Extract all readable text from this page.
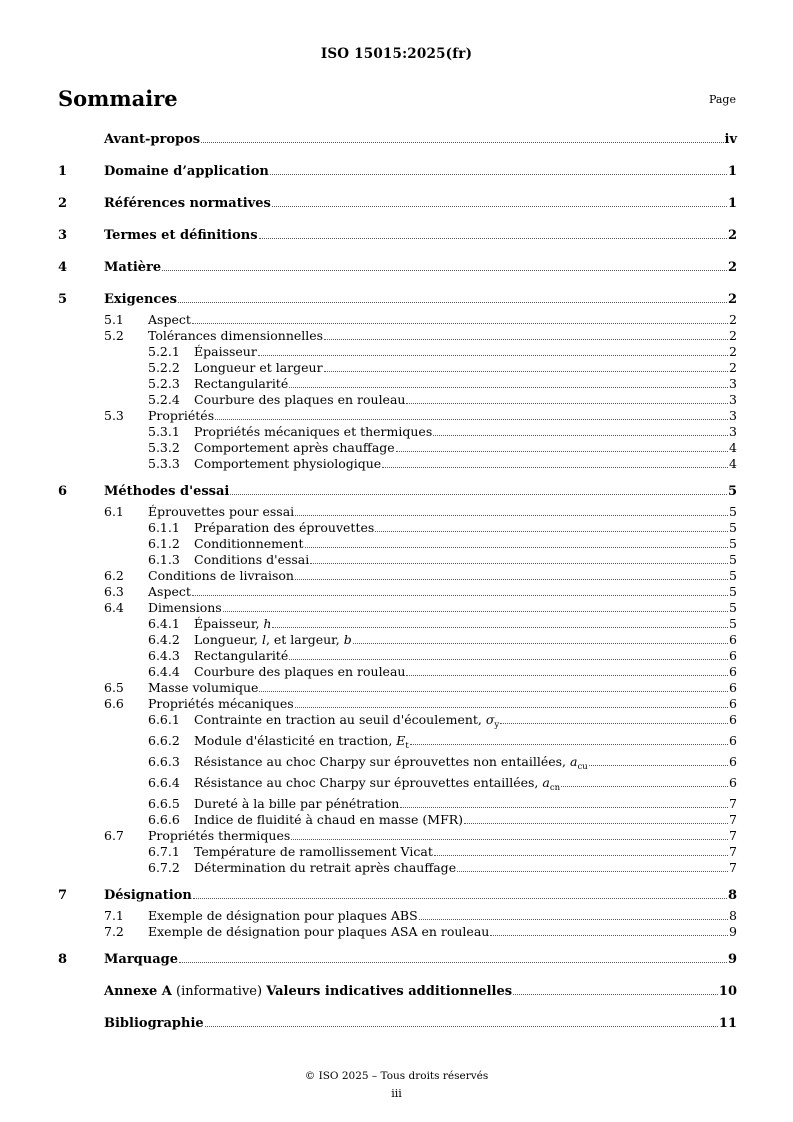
ISO 15015:2025(fr)
Sommaire	Page
Avant-propos	iv
1	Domaine d’application	1
2	Références normatives	1
3	Termes et définitions	2
4	Matière	2
5	Exigences	2
5.1	Aspect	2
5.2	Tolérances dimensionnelles	2
5.2.1	Épaisseur	2
5.2.2	Longueur et largeur	2
5.2.3	Rectangularité	3
5.2.4	Courbure des plaques en rouleau	3
5.3	Propriétés	3
5.3.1	Propriétés mécaniques et thermiques	3
5.3.2	Comportement après chauffage	4
5.3.3	Comportement physiologique	4
6	Méthodes d'essai	5
6.1	Éprouvettes pour essai	5
6.1.1	Préparation des éprouvettes	5
6.1.2	Conditionnement	5
6.1.3	Conditions d'essai	5
6.2	Conditions de livraison	5
6.3	Aspect	5
6.4	Dimensions	5
6.4.1	Épaisseur, h	5
6.4.2	Longueur, l, et largeur, b	6
6.4.3	Rectangularité	6
6.4.4	Courbure des plaques en rouleau	6
6.5	Masse volumique	6
6.6	Propriétés mécaniques	6
6.6.1	Contrainte en traction au seuil d'écoulement, $\sigma_y$	6
6.6.2	Module d'élasticité en traction, $E_t$	6
6.6.3	Résistance au choc Charpy sur éprouvettes non entaillées, $a_{cu}$	6
6.6.4	Résistance au choc Charpy sur éprouvettes entaillées, $a_{cn}$	6
6.6.5	Dureté à la bille par pénétration	7
6.6.6	Indice de fluidité à chaud en masse (MFR)	7
6.7	Propriétés thermiques	7
6.7.1	Température de ramollissement Vicat	7
6.7.2	Détermination du retrait après chauffage	7
7	Désignation	8
7.1	Exemple de désignation pour plaques ABS	8
7.2	Exemple de désignation pour plaques ASA en rouleau	9
8	Marquage	9
Annexe A (informative) Valeurs indicatives additionnelles	10
Bibliographie	11
© ISO 2025 – Tous droits réservés
iii
